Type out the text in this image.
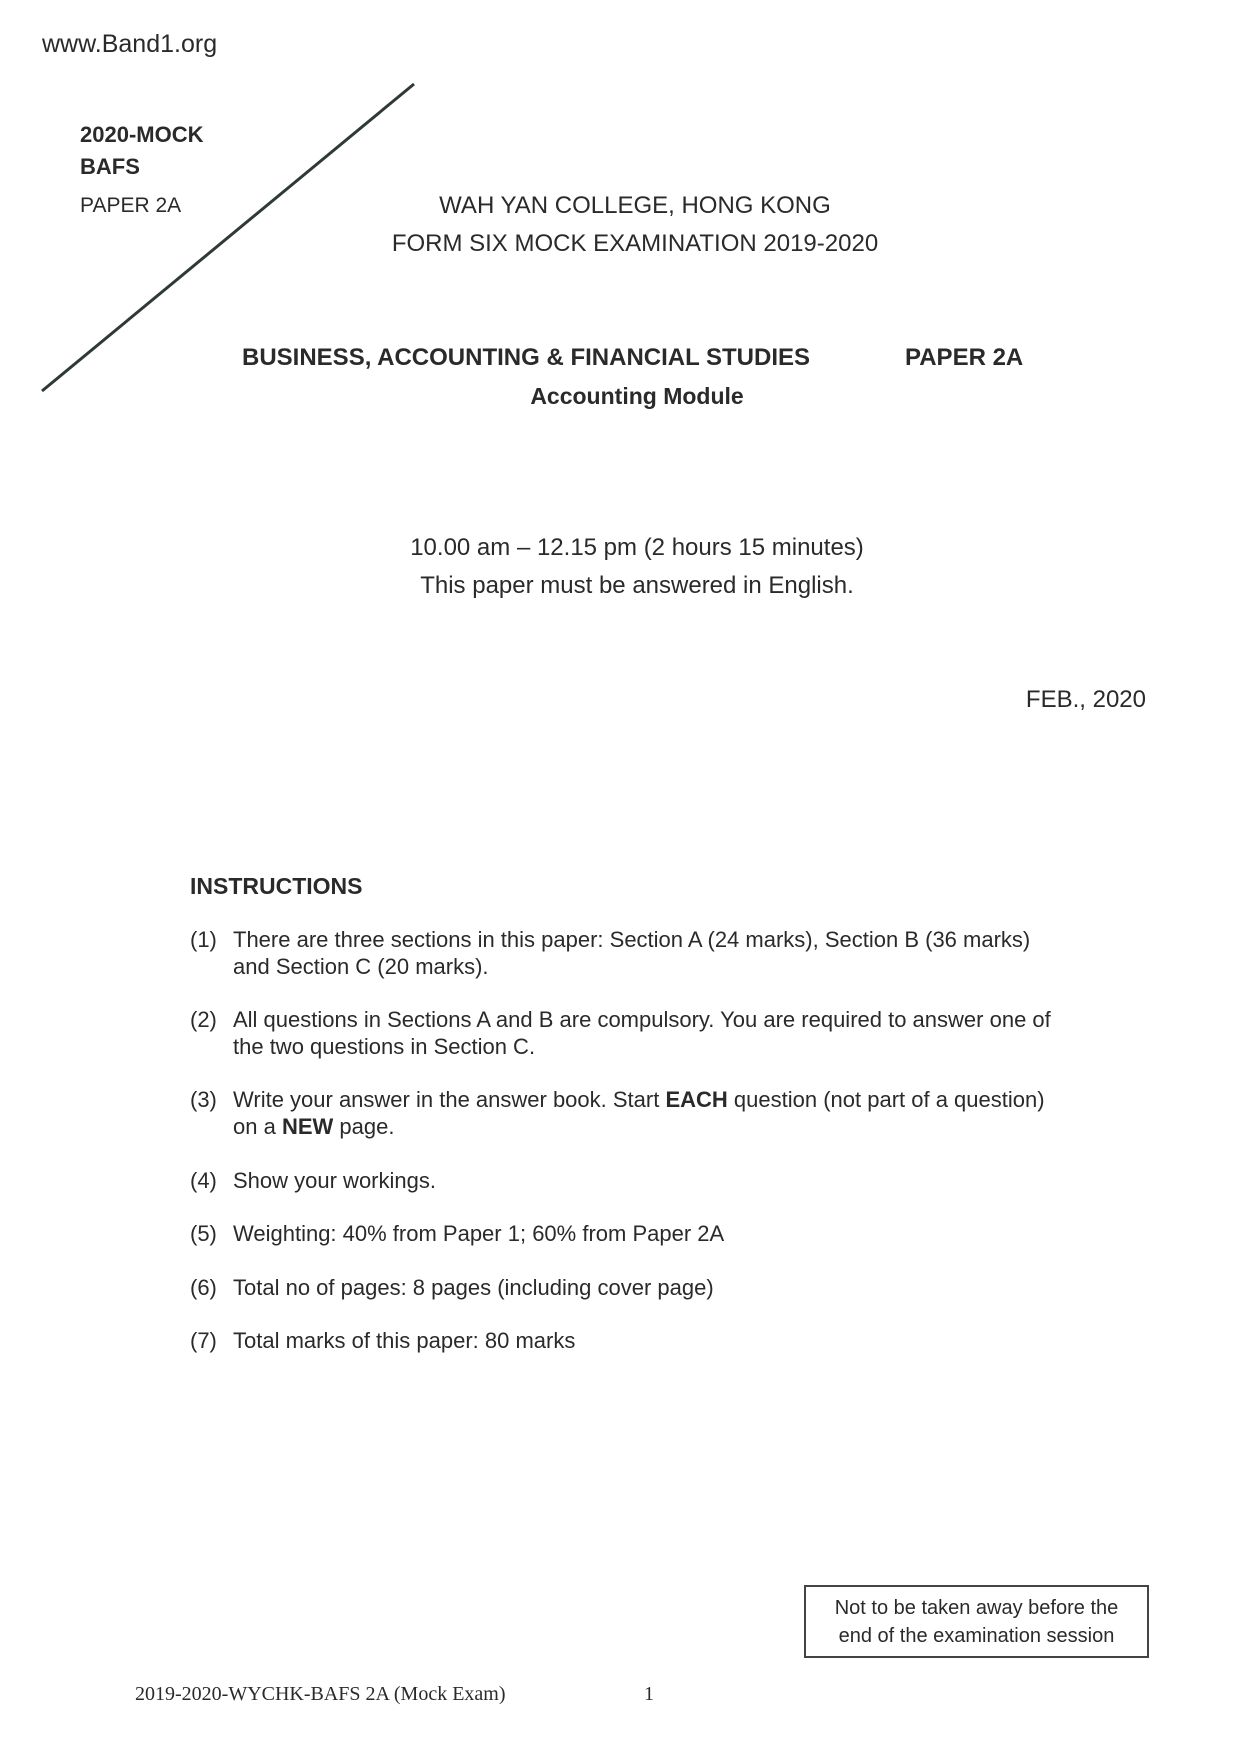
www.Band1.org
2020-MOCK
BAFS
PAPER 2A	WAH YAN COLLEGE, HONG KONG
FORM SIX MOCK EXAMINATION 2019-2020
BUSINESS, ACCOUNTING & FINANCIAL STUDIES	PAPER 2A
Accounting Module
10.00 am – 12.15 pm (2 hours 15 minutes)
This paper must be answered in English.
FEB., 2020
INSTRUCTIONS
(1) There are three sections in this paper: Section A (24 marks), Section B (36 marks)
and Section C (20 marks).
(2) All questions in Sections A and B are compulsory. You are required to answer one of
the two questions in Section C.
(3) Write your answer in the answer book. Start EACH question (not part of a question)
on a NEW page.
(4) Show your workings.
(5) Weighting: 40% from Paper 1; 60% from Paper 2A
(6) Total no of pages: 8 pages (including cover page)
(7) Total marks of this paper: 80 marks
Not to be taken away before the
end of the examination session
2019-2020-WYCHK-BAFS 2A (Mock Exam)	1
